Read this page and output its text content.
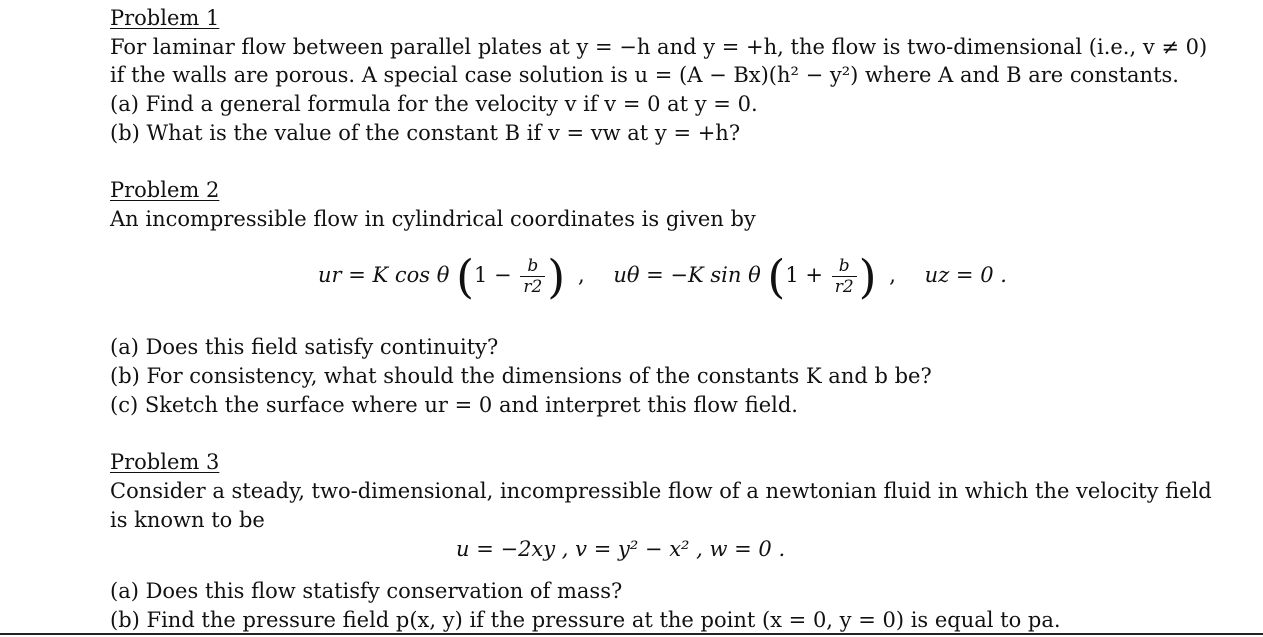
Problem 1
For laminar flow between parallel plates at y = −h and y = +h, the flow is two-dimensional (i.e., v ≠ 0)
if the walls are porous. A special case solution is u = (A − Bx)(h² − y²) where A and B are constants.
(a) Find a general formula for the velocity v if v = 0 at y = 0.
(b) What is the value of the constant B if v = vw at y = +h?
Problem 2
An incompressible flow in cylindrical coordinates is given by
ur = K cos θ ($1 - \frac{b}{r2}$ ) , uθ = −K sin θ ($1 + \frac{b}{r2}$ ) , uz = 0 .
(a) Does this field satisfy continuity?
(b) For consistency, what should the dimensions of the constants K and b be?
(c) Sketch the surface where ur = 0 and interpret this flow field.
Problem 3
Consider a steady, two-dimensional, incompressible flow of a newtonian fluid in which the velocity field
is known to be
u = −2xy , v = y² − x² , w = 0 .
(a) Does this flow statisfy conservation of mass?
(b) Find the pressure field p(x, y) if the pressure at the point (x = 0, y = 0) is equal to pa.
